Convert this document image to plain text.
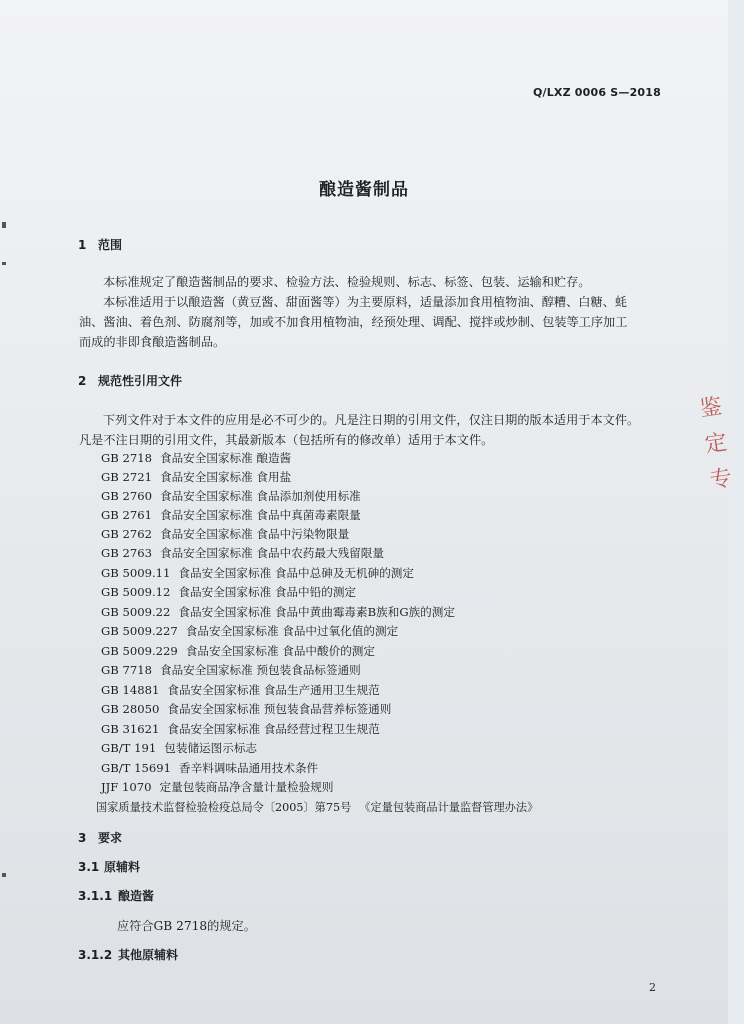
Q/LXZ 0006 S—2018
酿造酱制品
1 范围
本标准规定了酿造酱制品的要求、检验方法、检验规则、标志、标签、包装、运输和贮存。
本标准适用于以酿造酱（黄豆酱、甜面酱等）为主要原料，适量添加食用植物油、醇糟、白糖、蚝
油、酱油、着色剂、防腐剂等，加或不加食用植物油，经预处理、调配、搅拌或炒制、包装等工序加工
而成的非即食酿造酱制品。
2 规范性引用文件
下列文件对于本文件的应用是必不可少的。凡是注日期的引用文件，仅注日期的版本适用于本文件。
凡是不注日期的引用文件，其最新版本（包括所有的修改单）适用于本文件。
GB 2718 食品安全国家标准 酿造酱
GB 2721 食品安全国家标准 食用盐
GB 2760 食品安全国家标准 食品添加剂使用标准
GB 2761 食品安全国家标准 食品中真菌毒素限量
GB 2762 食品安全国家标准 食品中污染物限量
GB 2763 食品安全国家标准 食品中农药最大残留限量
GB 5009.11 食品安全国家标准 食品中总砷及无机砷的测定
GB 5009.12 食品安全国家标准 食品中铅的测定
GB 5009.22 食品安全国家标准 食品中黄曲霉毒素B族和G族的测定
GB 5009.227 食品安全国家标准 食品中过氧化值的测定
GB 5009.229 食品安全国家标准 食品中酸价的测定
GB 7718 食品安全国家标准 预包装食品标签通则
GB 14881 食品安全国家标准 食品生产通用卫生规范
GB 28050 食品安全国家标准 预包装食品营养标签通则
GB 31621 食品安全国家标准 食品经营过程卫生规范
GB/T 191 包装储运图示标志
GB/T 15691 香辛料调味品通用技术条件
JJF 1070 定量包装商品净含量计量检验规则
国家质量技术监督检验检疫总局令〔2005〕第75号 《定量包装商品计量监督管理办法》
3 要求
3.1 原辅料
3.1.1 酿造酱
应符合GB 2718的规定。
3.1.2 其他原辅料
鉴 定 专
2
